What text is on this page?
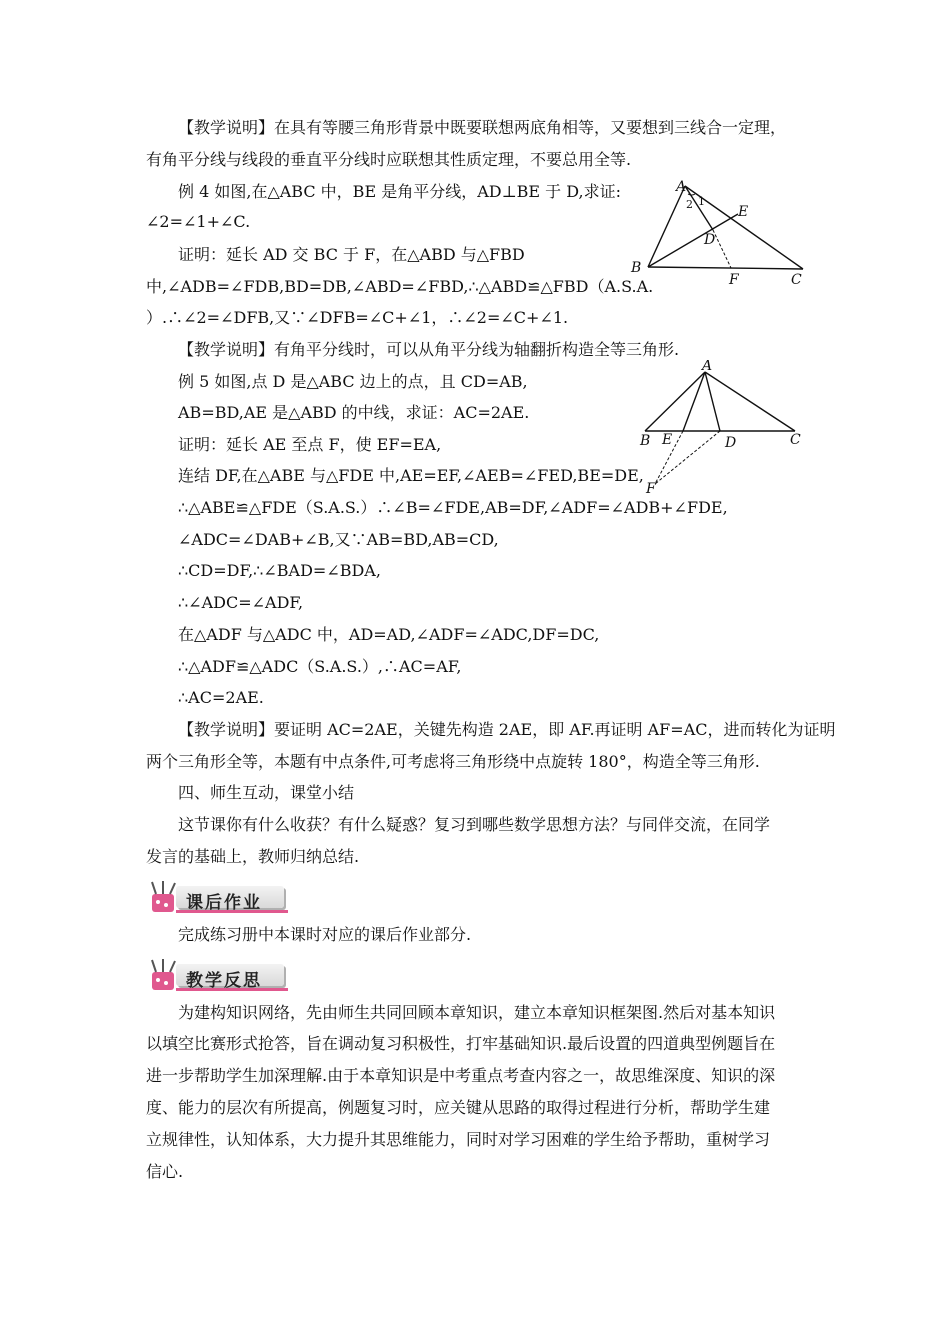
【教学说明】在具有等腰三角形背景中既要联想两底角相等，又要想到三线合一定理，
有角平分线与线段的垂直平分线时应联想其性质定理，不要总用全等.
例 4 如图,在△ABC 中，BE 是角平分线，AD⊥BE 于 D,求证:
∠2=∠1+∠C.
证明：延长 AD 交 BC 于 F，在△ABD 与△FBD
中,∠ADB=∠FDB,BD=DB,∠ABD=∠FBD,∴△ABD≌△FBD（A.S.A.
）.∴∠2=∠DFB,又∵∠DFB=∠C+∠1，∴∠2=∠C+∠1.
【教学说明】有角平分线时，可以从角平分线为轴翻折构造全等三角形.
例 5 如图,点 D 是△ABC 边上的点，且 CD=AB,
AB=BD,AE 是△ABD 的中线，求证：AC=2AE.
证明：延长 AE 至点 F，使 EF=EA,
连结 DF,在△ABE 与△FDE 中,AE=EF,∠AEB=∠FED,BE=DE,
∴△ABE≌△FDE（S.A.S.）∴∠B=∠FDE,AB=DF,∠ADF=∠ADB+∠FDE,
∠ADC=∠DAB+∠B,又∵AB=BD,AB=CD,
∴CD=DF,∴∠BAD=∠BDA,
∴∠ADC=∠ADF,
在△ADF 与△ADC 中，AD=AD,∠ADF=∠ADC,DF=DC,
∴△ADF≌△ADC（S.A.S.）,∴AC=AF,
∴AC=2AE.
【教学说明】要证明 AC=2AE，关键先构造 2AE，即 AF.再证明 AF=AC，进而转化为证明
两个三角形全等，本题有中点条件,可考虑将三角形绕中点旋转 180°，构造全等三角形.
四、师生互动，课堂小结
这节课你有什么收获？有什么疑惑？复习到哪些数学思想方法？与同伴交流，在同学
发言的基础上，教师归纳总结.
完成练习册中本课时对应的课后作业部分.
为建构知识网络，先由师生共同回顾本章知识，建立本章知识框架图.然后对基本知识
以填空比赛形式抢答，旨在调动复习积极性，打牢基础知识.最后设置的四道典型例题旨在
进一步帮助学生加深理解.由于本章知识是中考重点考查内容之一，故思维深度、知识的深
度、能力的层次有所提高，例题复习时，应关键从思路的取得过程进行分析，帮助学生建
立规律性，认知体系，大力提升其思维能力，同时对学习困难的学生给予帮助，重树学习
信心.
课后作业
教学反思
A
B
C
D
E
F
1
2
A
B	C
D
E
F
